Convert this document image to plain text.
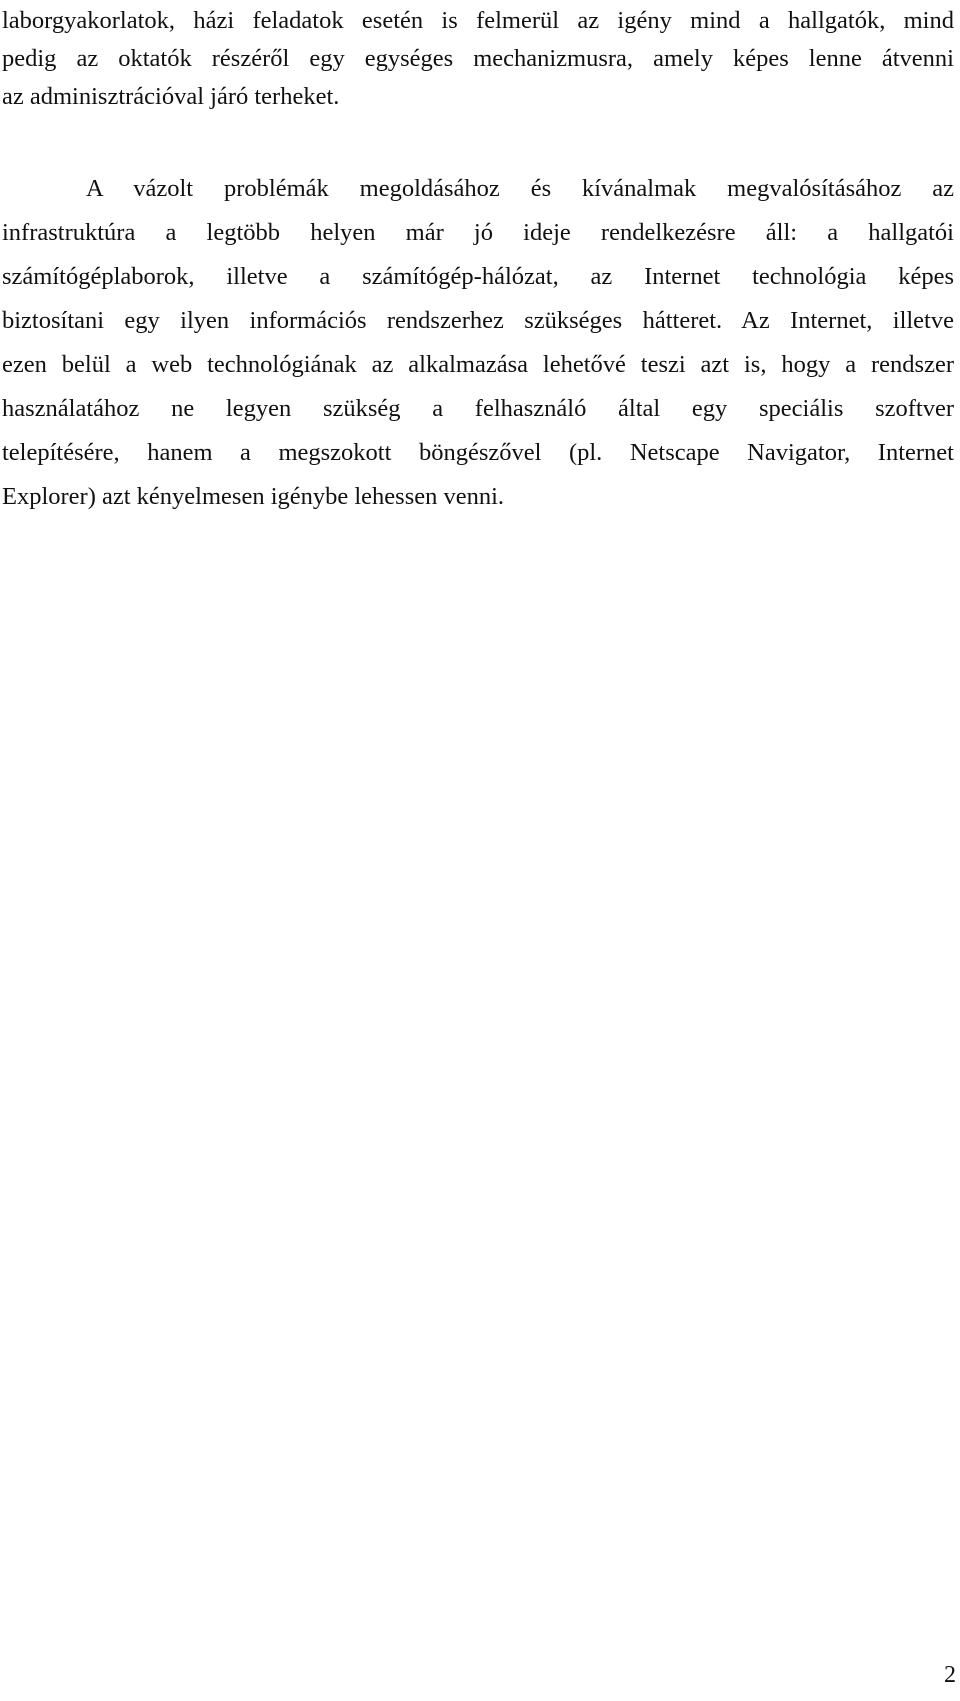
laborgyakorlatok, házi feladatok esetén is felmerül az igény mind a hallgatók, mind
pedig az oktatók részéről egy egységes mechanizmusra, amely képes lenne átvenni
az adminisztrációval járó terheket.
A vázolt problémák megoldásához és kívánalmak megvalósításához az
infrastruktúra a legtöbb helyen már jó ideje rendelkezésre áll: a hallgatói
számítógéplaborok, illetve a számítógép-hálózat, az Internet technológia képes
biztosítani egy ilyen információs rendszerhez szükséges hátteret. Az Internet, illetve
ezen belül a web technológiának az alkalmazása lehetővé teszi azt is, hogy a rendszer
használatához ne legyen szükség a felhasználó által egy speciális szoftver
telepítésére, hanem a megszokott böngészővel (pl. Netscape Navigator, Internet
Explorer) azt kényelmesen igénybe lehessen venni.
2
